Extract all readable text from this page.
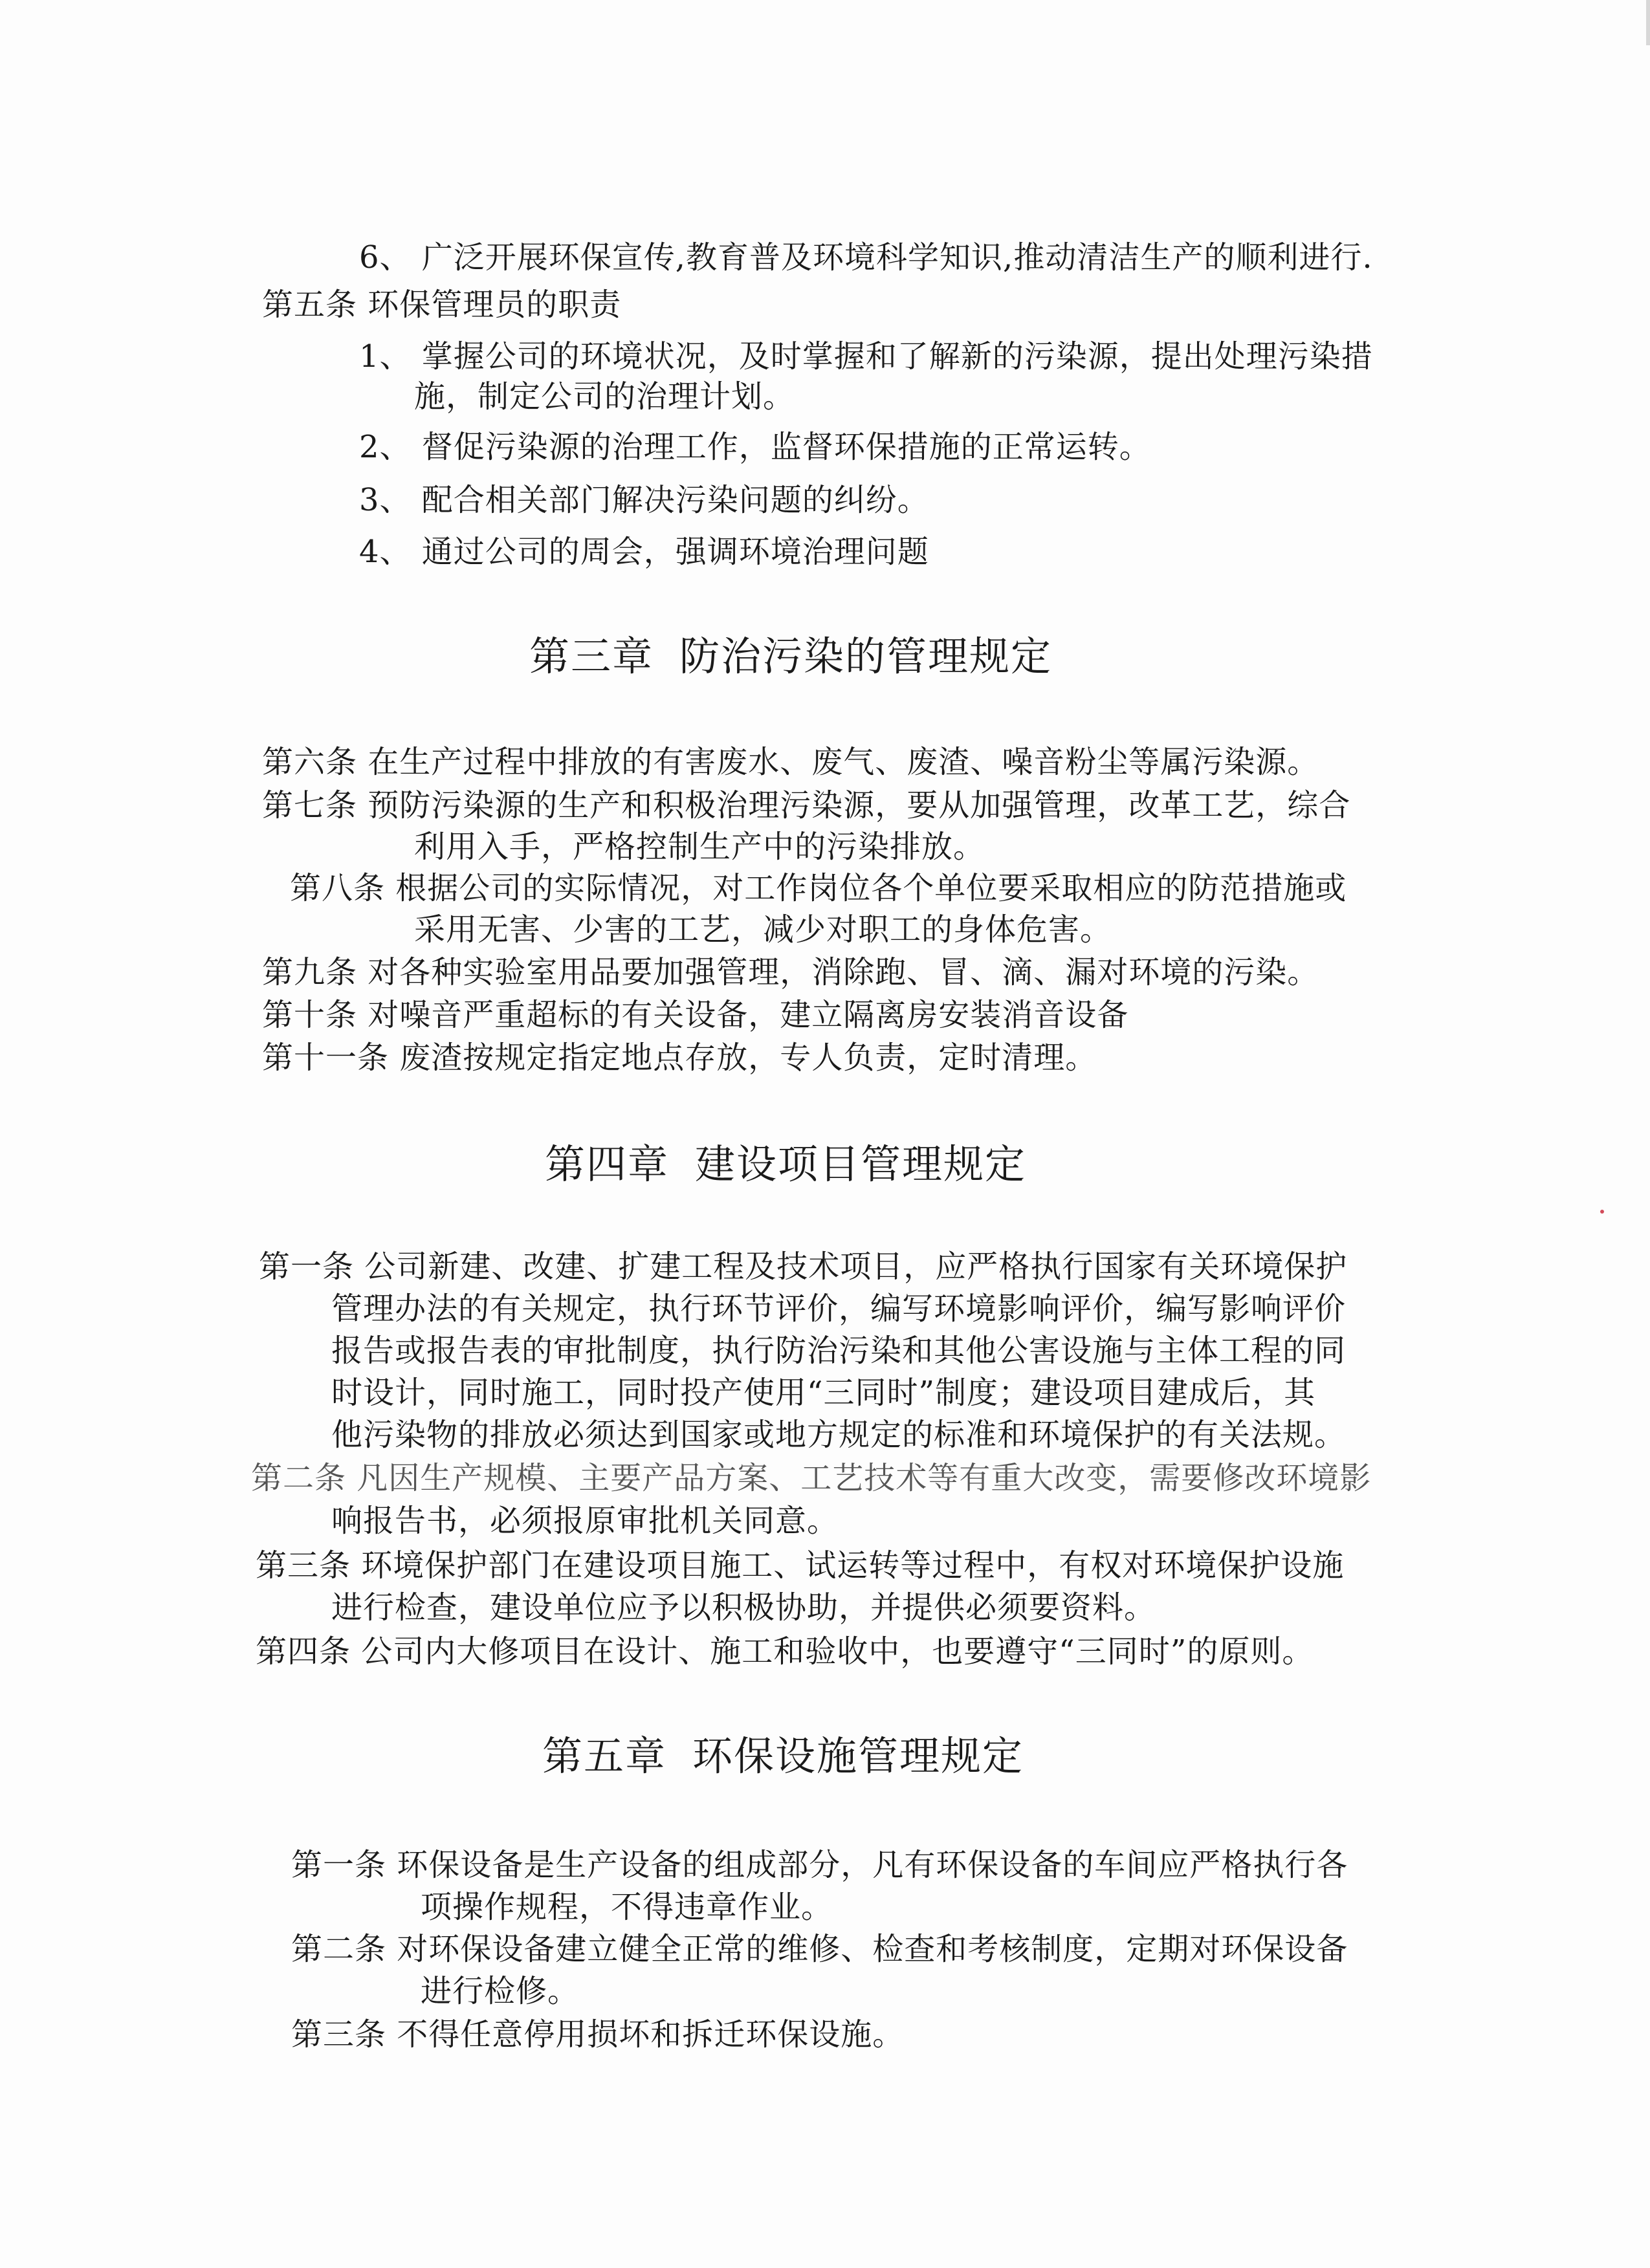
6、 广泛开展环保宣传,教育普及环境科学知识,推动清洁生产的顺利进行.
第五条 环保管理员的职责
1、 掌握公司的环境状况，及时掌握和了解新的污染源，提出处理污染措
施，制定公司的治理计划。
2、 督促污染源的治理工作，监督环保措施的正常运转。
3、 配合相关部门解决污染问题的纠纷。
4、 通过公司的周会，强调环境治理问题
第三章 防治污染的管理规定
第六条 在生产过程中排放的有害废水、废气、废渣、噪音粉尘等属污染源。
第七条 预防污染源的生产和积极治理污染源，要从加强管理，改革工艺，综合
利用入手，严格控制生产中的污染排放。
第八条 根据公司的实际情况，对工作岗位各个单位要采取相应的防范措施或
采用无害、少害的工艺，减少对职工的身体危害。
第九条 对各种实验室用品要加强管理，消除跑、冒、滴、漏对环境的污染。
第十条 对噪音严重超标的有关设备，建立隔离房安装消音设备
第十一条 废渣按规定指定地点存放，专人负责，定时清理。
第四章 建设项目管理规定
第一条 公司新建、改建、扩建工程及技术项目，应严格执行国家有关环境保护
管理办法的有关规定，执行环节评价，编写环境影响评价，编写影响评价
报告或报告表的审批制度，执行防治污染和其他公害设施与主体工程的同
时设计，同时施工，同时投产使用“三同时”制度；建设项目建成后，其
他污染物的排放必须达到国家或地方规定的标准和环境保护的有关法规。
第二条 凡因生产规模、主要产品方案、工艺技术等有重大改变，需要修改环境影
响报告书，必须报原审批机关同意。
第三条 环境保护部门在建设项目施工、试运转等过程中，有权对环境保护设施
进行检查，建设单位应予以积极协助，并提供必须要资料。
第四条 公司内大修项目在设计、施工和验收中，也要遵守“三同时”的原则。
第五章 环保设施管理规定
第一条 环保设备是生产设备的组成部分，凡有环保设备的车间应严格执行各
项操作规程，不得违章作业。
第二条 对环保设备建立健全正常的维修、检查和考核制度，定期对环保设备
进行检修。
第三条 不得任意停用损坏和拆迁环保设施。
